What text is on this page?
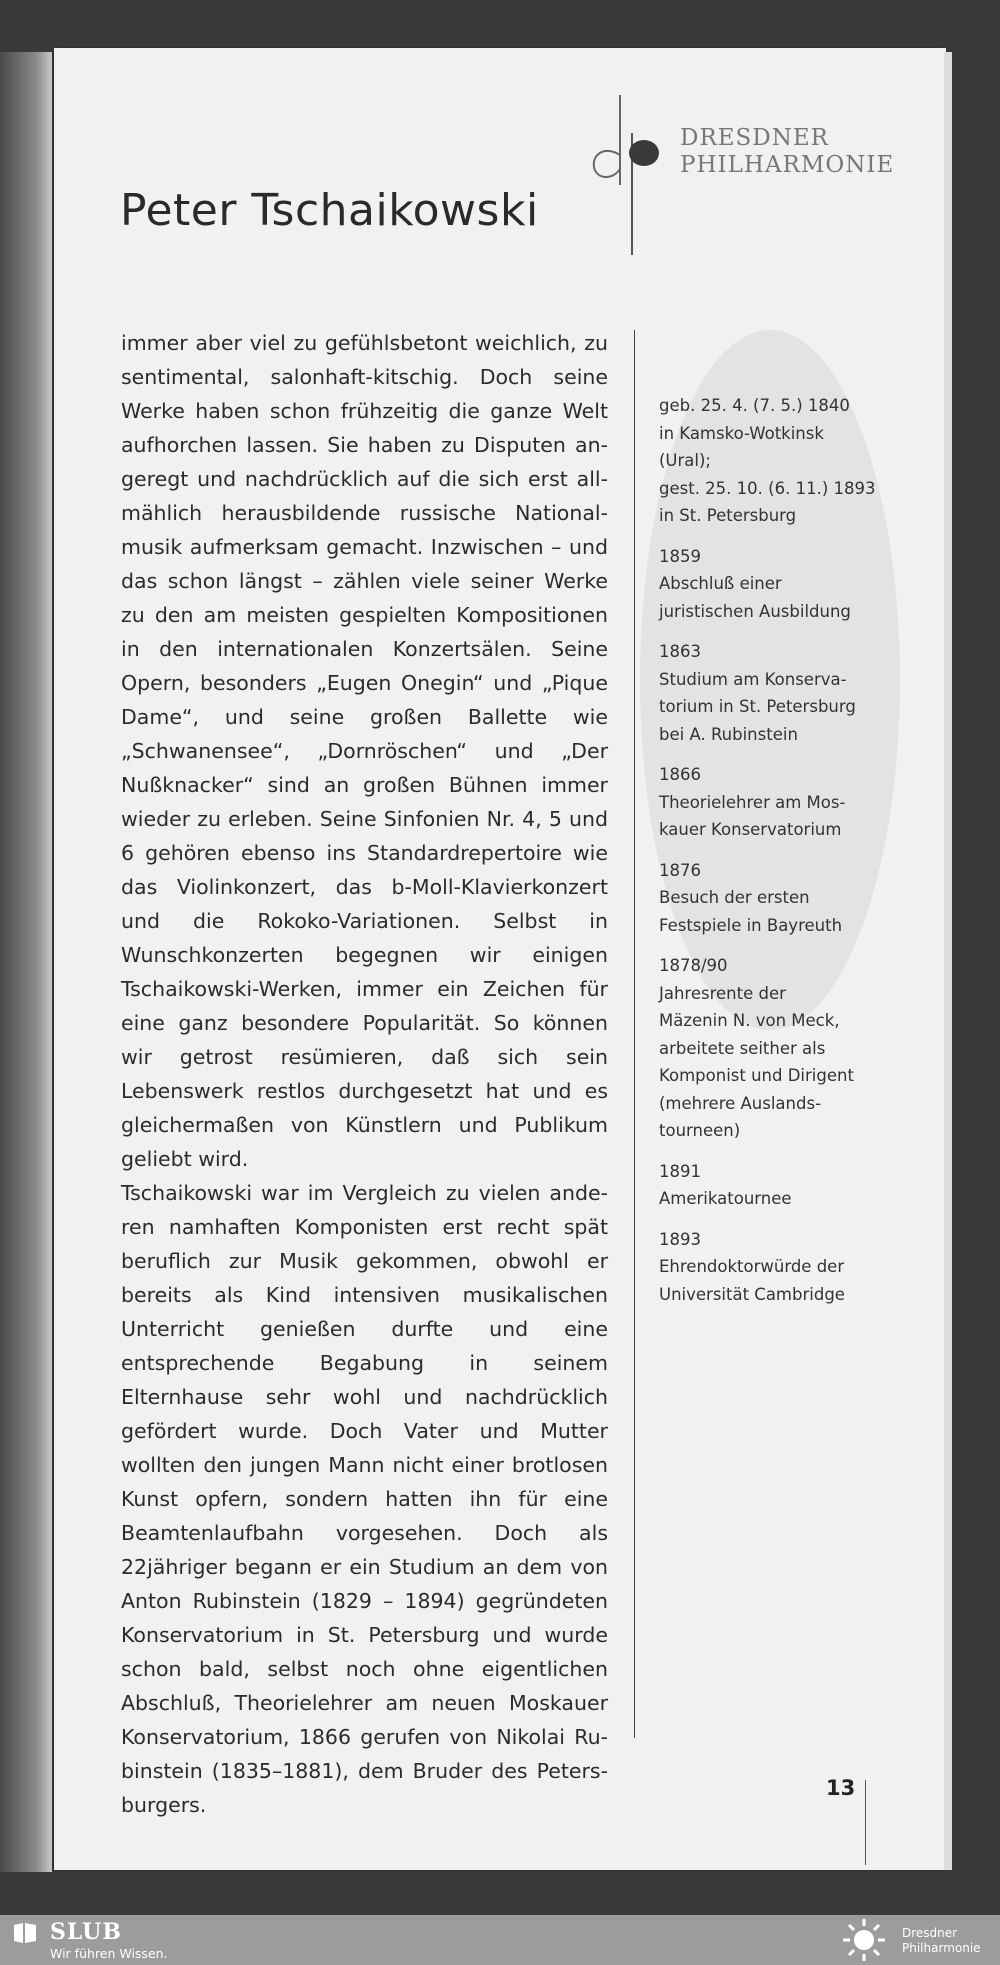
Peter Tschaikowski
DRESDNER
PHILHARMONIE

immer aber viel zu gefühlsbetont weichlich, zu sentimental, salonhaft-kitschig. Doch seine Werke haben schon frühzeitig die ganze Welt aufhorchen lassen. Sie haben zu Disputen angeregt und nachdrücklich auf die sich erst allmählich herausbildende russische Nationalmusik aufmerksam gemacht. Inzwischen – und das schon längst – zählen viele seiner Werke zu den am meisten gespielten Kompositionen in den internationalen Konzertsälen. Seine Opern, besonders „Eugen Onegin“ und „Pique Dame“, und seine großen Ballette wie „Schwanensee“, „Dornröschen“ und „Der Nußknacker“ sind an großen Bühnen immer wieder zu erleben. Seine Sinfonien Nr. 4, 5 und 6 gehören ebenso ins Standardrepertoire wie das Violinkonzert, das b-Moll-Klavierkonzert und die Rokoko-Variationen. Selbst in Wunschkonzerten begegnen wir einigen Tschaikowski-Werken, immer ein Zeichen für eine ganz besondere Popularität. So können wir getrost resümieren, daß sich sein Lebenswerk restlos durchgesetzt hat und es gleichermaßen von Künstlern und Publikum geliebt wird.

Tschaikowski war im Vergleich zu vielen anderen namhaften Komponisten erst recht spät beruflich zur Musik gekommen, obwohl er bereits als Kind intensiven musikalischen Unterricht genießen durfte und eine entsprechende Begabung in seinem Elternhause sehr wohl und nachdrücklich gefördert wurde. Doch Vater und Mutter wollten den jungen Mann nicht einer brotlosen Kunst opfern, sondern hatten ihn für eine Beamtenlaufbahn vorgesehen. Doch als 22jähriger begann er ein Studium an dem von Anton Rubinstein (1829 – 1894) gegründeten Konservatorium in St. Petersburg und wurde schon bald, selbst noch ohne eigentlichen Abschluß, Theorielehrer am neuen Moskauer Konservatorium, 1866 gerufen von Nikolai Rubinstein (1835–1881), dem Bruder des Petersburgers.

geb. 25. 4. (7. 5.) 1840
in Kamsko-Wotkinsk
(Ural);
gest. 25. 10. (6. 11.) 1893
in St. Petersburg
1859
Abschluß einer
juristischen Ausbildung
1863
Studium am Konserva-
torium in St. Petersburg
bei A. Rubinstein
1866
Theorielehrer am Mos-
kauer Konservatorium
1876
Besuch der ersten
Festspiele in Bayreuth
1878/90
Jahresrente der
Mäzenin N. von Meck,
arbeitete seither als
Komponist und Dirigent
(mehrere Auslands-
tourneen)
1891
Amerikatournee
1893
Ehrendoktorwürde der
Universität Cambridge
13
SLUB
Wir führen Wissen.
Dresdner
Philharmonie
